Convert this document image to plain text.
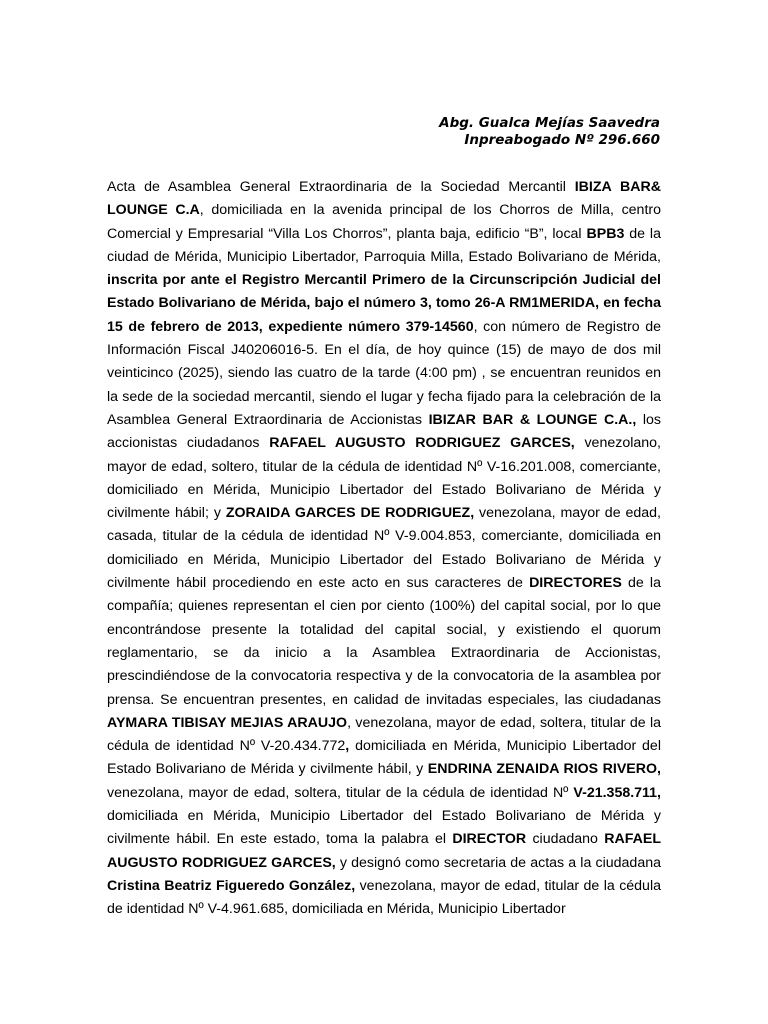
Abg. Gualca Mejías Saavedra
Inpreabogado Nº 296.660
Acta de Asamblea General Extraordinaria de la Sociedad Mercantil IBIZA BAR& LOUNGE C.A, domiciliada en la avenida principal de los Chorros de Milla, centro Comercial y Empresarial “Villa Los Chorros”, planta baja, edificio “B”, local BPB3 de la ciudad de Mérida, Municipio Libertador, Parroquia Milla, Estado Bolivariano de Mérida, inscrita por ante el Registro Mercantil Primero de la Circunscripción Judicial del Estado Bolivariano de Mérida, bajo el número 3, tomo 26-A RM1MERIDA, en fecha 15 de febrero de 2013, expediente número 379-14560, con número de Registro de Información Fiscal J40206016-5. En el día, de hoy quince (15) de mayo de dos mil veinticinco (2025), siendo las cuatro de la tarde (4:00 pm) , se encuentran reunidos en la sede de la sociedad mercantil, siendo el lugar y fecha fijado para la celebración de la Asamblea General Extraordinaria de Accionistas IBIZAR BAR & LOUNGE C.A., los accionistas ciudadanos RAFAEL AUGUSTO RODRIGUEZ GARCES, venezolano, mayor de edad, soltero, titular de la cédula de identidad Nº V-16.201.008, comerciante, domiciliado en Mérida, Municipio Libertador del Estado Bolivariano de Mérida y civilmente hábil; y ZORAIDA GARCES DE RODRIGUEZ, venezolana, mayor de edad, casada, titular de la cédula de identidad Nº V-9.004.853, comerciante, domiciliada en domiciliado en Mérida, Municipio Libertador del Estado Bolivariano de Mérida y civilmente hábil procediendo en este acto en sus caracteres de DIRECTORES de la compañía; quienes representan el cien por ciento (100%) del capital social, por lo que encontrándose presente la totalidad del capital social, y existiendo el quorum reglamentario, se da inicio a la Asamblea Extraordinaria de Accionistas, prescindiéndose de la convocatoria respectiva y de la convocatoria de la asamblea por prensa. Se encuentran presentes, en calidad de invitadas especiales, las ciudadanas AYMARA TIBISAY MEJIAS ARAUJO, venezolana, mayor de edad, soltera, titular de la cédula de identidad Nº V-20.434.772, domiciliada en Mérida, Municipio Libertador del Estado Bolivariano de Mérida y civilmente hábil, y ENDRINA ZENAIDA RIOS RIVERO, venezolana, mayor de edad, soltera, titular de la cédula de identidad Nº V-21.358.711, domiciliada en Mérida, Municipio Libertador del Estado Bolivariano de Mérida y civilmente hábil. En este estado, toma la palabra el DIRECTOR ciudadano RAFAEL AUGUSTO RODRIGUEZ GARCES, y designó como secretaria de actas a la ciudadana Cristina Beatriz Figueredo González, venezolana, mayor de edad, titular de la cédula de identidad Nº V-4.961.685, domiciliada en Mérida, Municipio Libertador
